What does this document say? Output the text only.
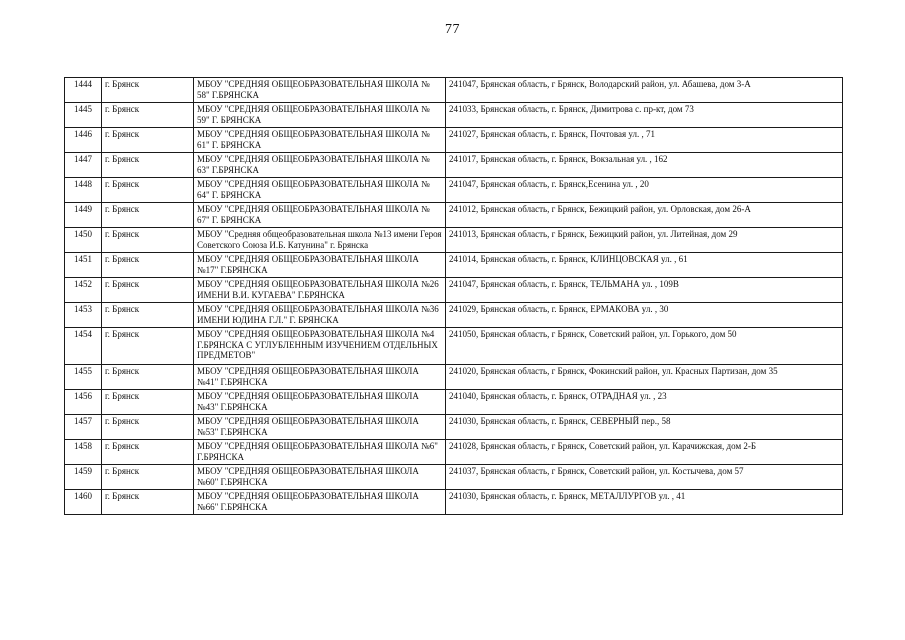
77
1444	г. Брянск	МБОУ "СРЕДНЯЯ ОБЩЕОБРАЗОВАТЕЛЬНАЯ ШКОЛА № 58" Г.БРЯНСКА	241047, Брянская область, г Брянск, Володарский район, ул. Абашева, дом 3-А
1445	г. Брянск	МБОУ "СРЕДНЯЯ ОБЩЕОБРАЗОВАТЕЛЬНАЯ ШКОЛА № 59" Г. БРЯНСКА	241033, Брянская область, г. Брянск, Димитрова с. пр-кт, дом 73
1446	г. Брянск	МБОУ "СРЕДНЯЯ ОБЩЕОБРАЗОВАТЕЛЬНАЯ ШКОЛА № 61" Г. БРЯНСКА	241027, Брянская область, г. Брянск, Почтовая ул. , 71
1447	г. Брянск	МБОУ "СРЕДНЯЯ ОБЩЕОБРАЗОВАТЕЛЬНАЯ ШКОЛА № 63" Г.БРЯНСКА	241017, Брянская область, г. Брянск, Вокзальная ул. , 162
1448	г. Брянск	МБОУ "СРЕДНЯЯ ОБЩЕОБРАЗОВАТЕЛЬНАЯ ШКОЛА № 64" Г. БРЯНСКА	241047, Брянская область, г. Брянск,Есенина ул. , 20
1449	г. Брянск	МБОУ "СРЕДНЯЯ ОБЩЕОБРАЗОВАТЕЛЬНАЯ ШКОЛА № 67" Г. БРЯНСКА	241012, Брянская область, г Брянск, Бежицкий район, ул. Орловская, дом 26-А
1450	г. Брянск	МБОУ "Средняя общеобразовательная школа №13 имени Героя Советского Союза И.Б. Катунина" г. Брянска	241013, Брянская область, г Брянск, Бежицкий район, ул. Литейная, дом 29
1451	г. Брянск	МБОУ "СРЕДНЯЯ ОБЩЕОБРАЗОВАТЕЛЬНАЯ ШКОЛА №17" Г.БРЯНСКА	241014, Брянская область, г. Брянск, КЛИНЦОВСКАЯ ул. , 61
1452	г. Брянск	МБОУ "СРЕДНЯЯ ОБЩЕОБРАЗОВАТЕЛЬНАЯ ШКОЛА №26 ИМЕНИ В.И. КУГАЕВА" Г.БРЯНСКА	241047, Брянская область, г. Брянск, ТЕЛЬМАНА ул. , 109В
1453	г. Брянск	МБОУ "СРЕДНЯЯ ОБЩЕОБРАЗОВАТЕЛЬНАЯ ШКОЛА №36 ИМЕНИ ЮДИНА Г.Л." Г. БРЯНСКА	241029, Брянская область, г. Брянск, ЕРМАКОВА ул. , 30
1454	г. Брянск	МБОУ "СРЕДНЯЯ ОБЩЕОБРАЗОВАТЕЛЬНАЯ ШКОЛА №4 Г.БРЯНСКА С УГЛУБЛЕННЫМ ИЗУЧЕНИЕМ ОТДЕЛЬНЫХ ПРЕДМЕТОВ"	241050, Брянская область, г Брянск, Советский район, ул. Горького, дом 50
1455	г. Брянск	МБОУ "СРЕДНЯЯ ОБЩЕОБРАЗОВАТЕЛЬНАЯ ШКОЛА №41" Г.БРЯНСКА	241020, Брянская область, г Брянск, Фокинский район, ул. Красных Партизан, дом 35
1456	г. Брянск	МБОУ "СРЕДНЯЯ ОБЩЕОБРАЗОВАТЕЛЬНАЯ ШКОЛА №43" Г.БРЯНСКА	241040, Брянская область, г. Брянск, ОТРАДНАЯ ул. , 23
1457	г. Брянск	МБОУ "СРЕДНЯЯ ОБЩЕОБРАЗОВАТЕЛЬНАЯ ШКОЛА №53" Г.БРЯНСКА	241030, Брянская область, г. Брянск, СЕВЕРНЫЙ пер., 58
1458	г. Брянск	МБОУ "СРЕДНЯЯ ОБЩЕОБРАЗОВАТЕЛЬНАЯ ШКОЛА №6" Г.БРЯНСКА	241028, Брянская область, г Брянск, Советский район, ул. Карачижская, дом 2-Б
1459	г. Брянск	МБОУ "СРЕДНЯЯ ОБЩЕОБРАЗОВАТЕЛЬНАЯ ШКОЛА №60" Г.БРЯНСКА	241037, Брянская область, г Брянск, Советский район, ул. Костычева, дом 57
1460	г. Брянск	МБОУ "СРЕДНЯЯ ОБЩЕОБРАЗОВАТЕЛЬНАЯ ШКОЛА №66" Г.БРЯНСКА	241030, Брянская область, г. Брянск, МЕТАЛЛУРГОВ ул. , 41
